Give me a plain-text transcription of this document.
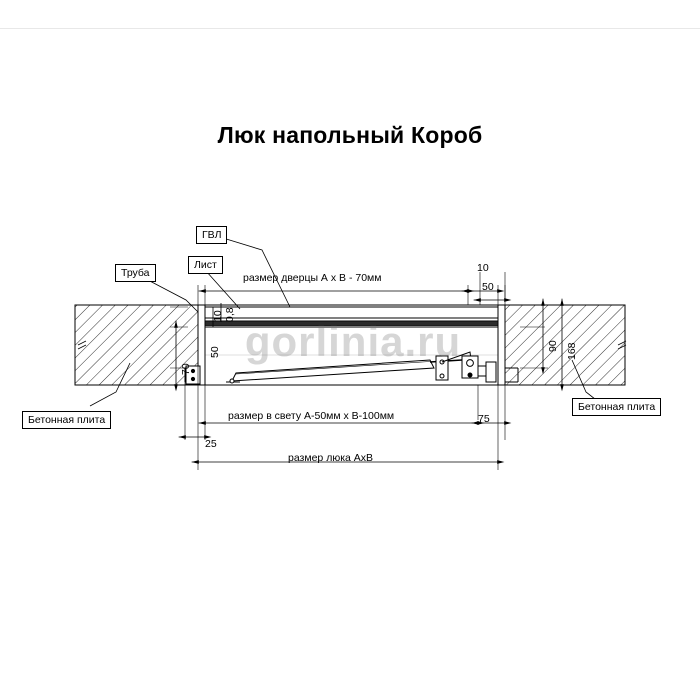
Люк напольный Короб
Труба
Лист
ГВЛ
Бетонная плита
Бетонная плита
размер дверцы А х В - 70мм
размер в свету А-50мм х В-100мм
размер люка АхВ
10
50
90 168
75
25
70
50
10 0,8
gorlinia.ru
